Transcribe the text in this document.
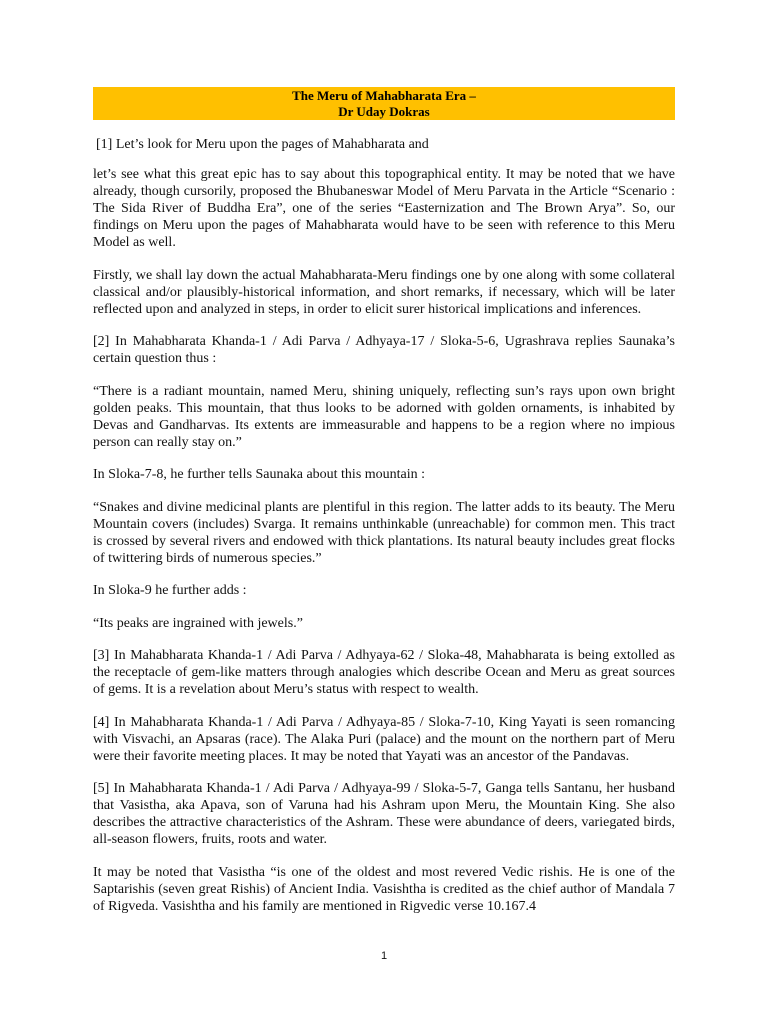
The Meru of Mahabharata Era –
Dr Uday Dokras

[1] Let’s look for Meru upon the pages of Mahabharata and

let’s see what this great epic has to say about this topographical entity. It may be noted that we have already, though cursorily, proposed the Bhubaneswar Model of Meru Parvata in the Article “Scenario : The Sida River of Buddha Era”, one of the series “Easternization and The Brown Arya”. So, our findings on Meru upon the pages of Mahabharata would have to be seen with reference to this Meru Model as well.

Firstly, we shall lay down the actual Mahabharata-Meru findings one by one along with some collateral classical and/or plausibly-historical information, and short remarks, if necessary, which will be later reflected upon and analyzed in steps, in order to elicit surer historical implications and inferences.

[2] In Mahabharata Khanda-1 / Adi Parva / Adhyaya-17 / Sloka-5-6, Ugrashrava replies Saunaka’s certain question thus :

“There is a radiant mountain, named Meru, shining uniquely, reflecting sun’s rays upon own bright golden peaks. This mountain, that thus looks to be adorned with golden ornaments, is inhabited by Devas and Gandharvas. Its extents are immeasurable and happens to be a region where no impious person can really stay on.”

In Sloka-7-8, he further tells Saunaka about this mountain :

“Snakes and divine medicinal plants are plentiful in this region. The latter adds to its beauty. The Meru Mountain covers (includes) Svarga. It remains unthinkable (unreachable) for common men. This tract is crossed by several rivers and endowed with thick plantations. Its natural beauty includes great flocks of twittering birds of numerous species.”

In Sloka-9 he further adds :

“Its peaks are ingrained with jewels.”

[3] In Mahabharata Khanda-1 / Adi Parva / Adhyaya-62 / Sloka-48, Mahabharata is being extolled as the receptacle of gem-like matters through analogies which describe Ocean and Meru as great sources of gems. It is a revelation about Meru’s status with respect to wealth.

[4] In Mahabharata Khanda-1 / Adi Parva / Adhyaya-85 / Sloka-7-10, King Yayati is seen romancing with Visvachi, an Apsaras (race). The Alaka Puri (palace) and the mount on the northern part of Meru were their favorite meeting places. It may be noted that Yayati was an ancestor of the Pandavas.

[5] In Mahabharata Khanda-1 / Adi Parva / Adhyaya-99 / Sloka-5-7, Ganga tells Santanu, her husband that Vasistha, aka Apava, son of Varuna had his Ashram upon Meru, the Mountain King. She also describes the attractive characteristics of the Ashram. These were abundance of deers, variegated birds, all-season flowers, fruits, roots and water.

It may be noted that Vasistha “is one of the oldest and most revered Vedic rishis. He is one of the Saptarishis (seven great Rishis) of Ancient India. Vasishtha is credited as the chief author of Mandala 7 of Rigveda. Vasishtha and his family are mentioned in Rigvedic verse 10.167.4

1
